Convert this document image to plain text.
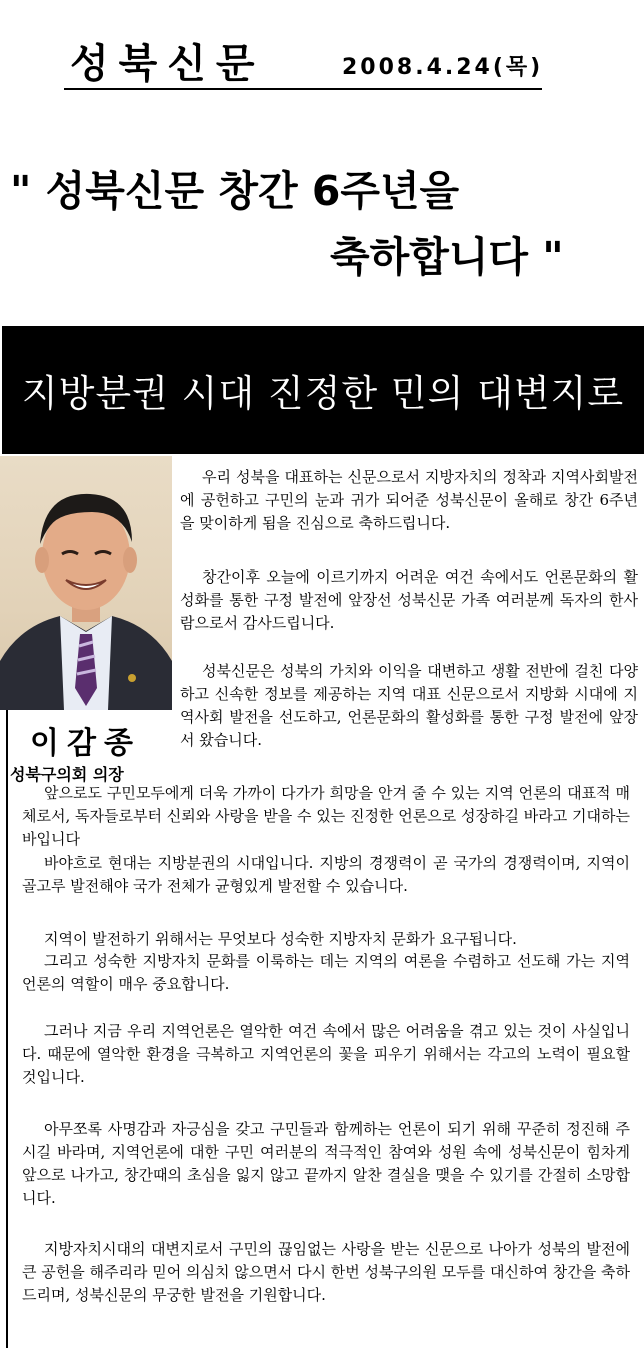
성북신문	2008.4.24(목)
" 성북신문 창간 6주년을
축하합니다 "
지방분권 시대 진정한 민의 대변지로
이감종
성북구의회 의장

우리 성북을 대표하는 신문으로서 지방자치의 정착과 지역사회발전에 공헌하고 구민의 눈과 귀가 되어준 성북신문이 올해로 창간 6주년을 맞이하게 됨을 진심으로 축하드립니다.

창간이후 오늘에 이르기까지 어려운 여건 속에서도 언론문화의 활성화를 통한 구정 발전에 앞장선 성북신문 가족 여러분께 독자의 한사람으로서 감사드립니다.

성북신문은 성북의 가치와 이익을 대변하고 생활 전반에 걸친 다양하고 신속한 정보를 제공하는 지역 대표 신문으로서 지방화 시대에 지역사회 발전을 선도하고, 언론문화의 활성화를 통한 구정 발전에 앞장서 왔습니다.

앞으로도 구민모두에게 더욱 가까이 다가가 희망을 안겨 줄 수 있는 지역 언론의 대표적 매체로서, 독자들로부터 신뢰와 사랑을 받을 수 있는 진정한 언론으로 성장하길 바라고 기대하는 바입니다

바야흐로 현대는 지방분권의 시대입니다. 지방의 경쟁력이 곧 국가의 경쟁력이며, 지역이 골고루 발전해야 국가 전체가 균형있게 발전할 수 있습니다.

지역이 발전하기 위해서는 무엇보다 성숙한 지방자치 문화가 요구됩니다.

그리고 성숙한 지방자치 문화를 이룩하는 데는 지역의 여론을 수렴하고 선도해 가는 지역언론의 역할이 매우 중요합니다.

그러나 지금 우리 지역언론은 열악한 여건 속에서 많은 어려움을 겪고 있는 것이 사실입니다. 때문에 열악한 환경을 극복하고 지역언론의 꽃을 피우기 위해서는 각고의 노력이 필요할 것입니다.

아무쪼록 사명감과 자긍심을 갖고 구민들과 함께하는 언론이 되기 위해 꾸준히 정진해 주시길 바라며, 지역언론에 대한 구민 여러분의 적극적인 참여와 성원 속에 성북신문이 힘차게 앞으로 나가고, 창간때의 초심을 잃지 않고 끝까지 알찬 결실을 맺을 수 있기를 간절히 소망합니다.

지방자치시대의 대변지로서 구민의 끊임없는 사랑을 받는 신문으로 나아가 성북의 발전에 큰 공헌을 해주리라 믿어 의심치 않으면서 다시 한번 성북구의원 모두를 대신하여 창간을 축하드리며, 성북신문의 무궁한 발전을 기원합니다.
